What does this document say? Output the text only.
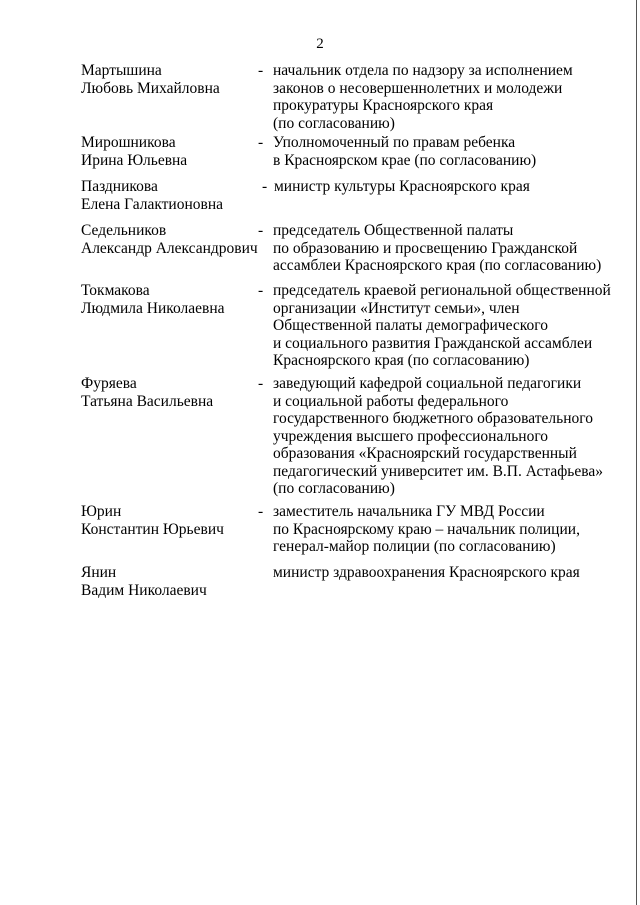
2
Мартышина
Любовь Михайловна
- начальник отдела по надзору за исполнением
законов о несовершеннолетних и молодежи
прокуратуры Красноярского края
(по согласованию)
Мирошникова
Ирина Юльевна
- Уполномоченный по правам ребенка
в Красноярском крае (по согласованию)
Паздникова
Елена Галактионовна
- министр культуры Красноярского края
Седельников
Александр Александрович
- председатель Общественной палаты
по образованию и просвещению Гражданской
ассамблеи Красноярского края (по согласованию)
Токмакова
Людмила Николаевна
- председатель краевой региональной общественной
организации «Институт семьи», член
Общественной палаты демографического
и социального развития Гражданской ассамблеи
Красноярского края (по согласованию)
Фуряева
Татьяна Васильевна
- заведующий кафедрой социальной педагогики
и социальной работы федерального
государственного бюджетного образовательного
учреждения высшего профессионального
образования «Красноярский государственный
педагогический университет им. В.П. Астафьева»
(по согласованию)
Юрин
Константин Юрьевич
- заместитель начальника ГУ МВД России
по Красноярскому краю – начальник полиции,
генерал-майор полиции (по согласованию)
Янин
Вадим Николаевич
министр здравоохранения Красноярского края
